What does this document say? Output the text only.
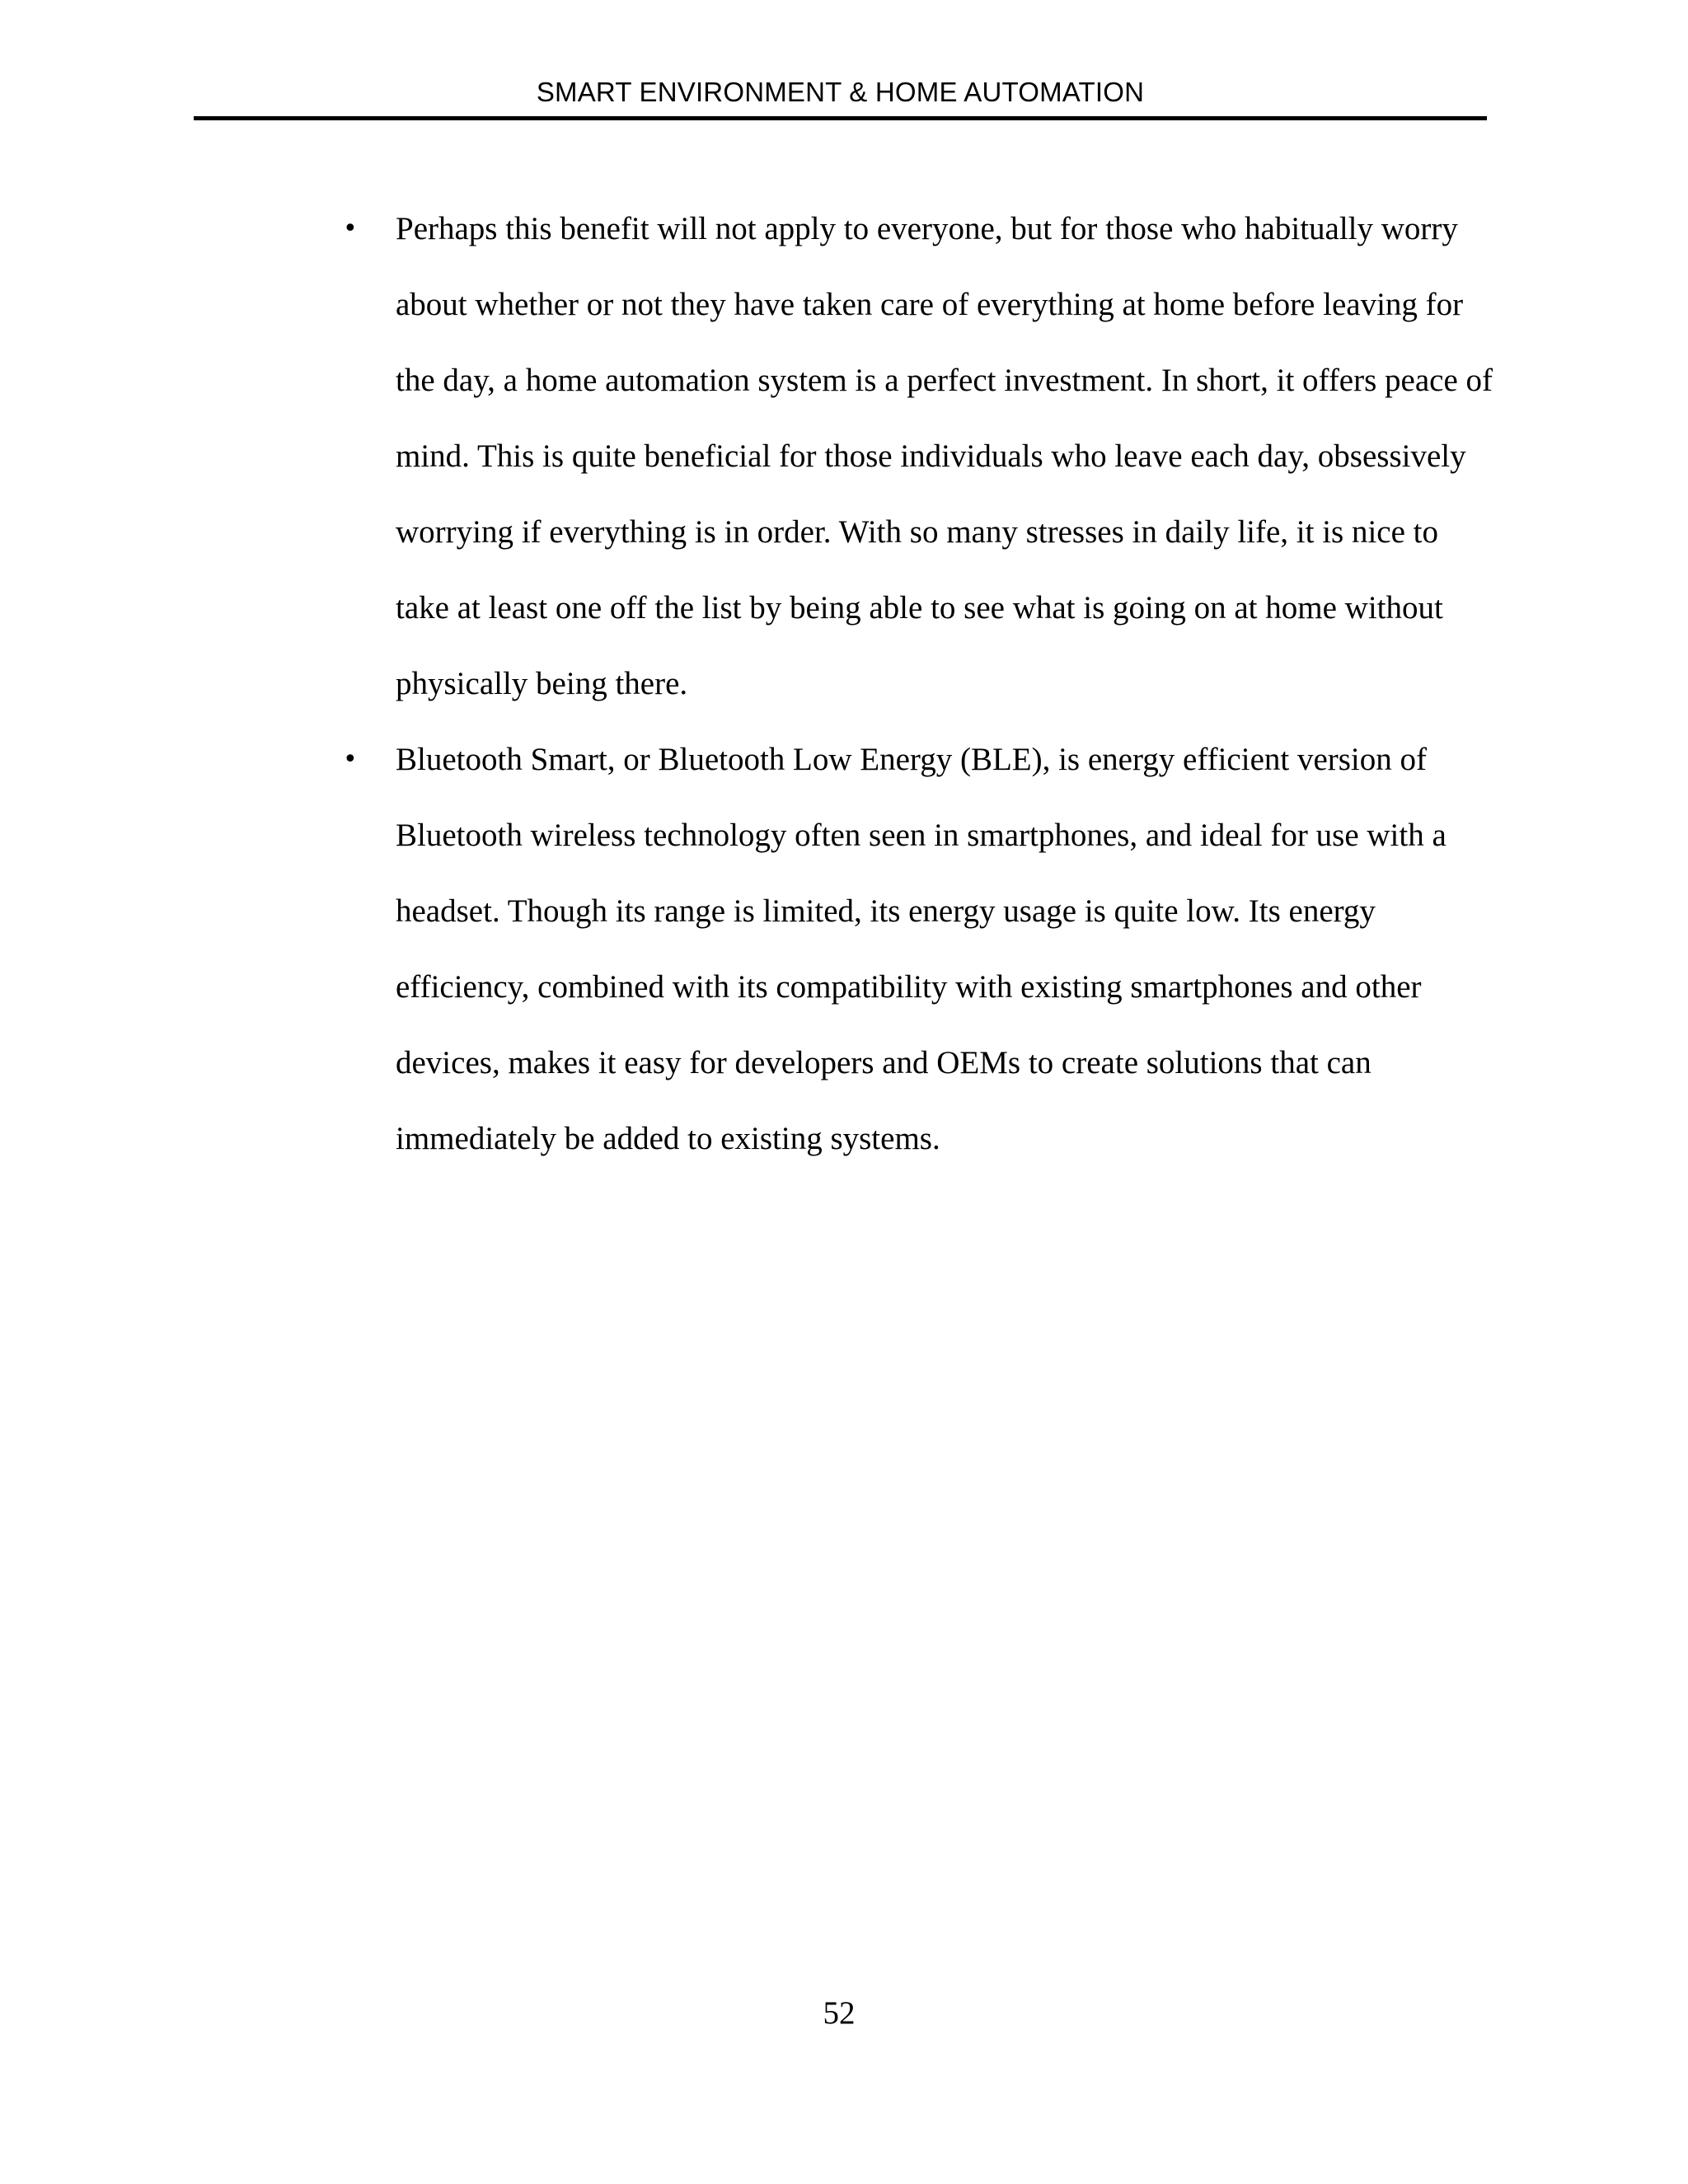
SMART ENVIRONMENT & HOME AUTOMATION
•	Perhaps this benefit will not apply to everyone, but for those who habitually worry about whether or not they have taken care of everything at home before leaving for the day, a home automation system is a perfect investment. In short, it offers peace of mind. This is quite beneficial for those individuals who leave each day, obsessively worrying if everything is in order. With so many stresses in daily life, it is nice to take at least one off the list by being able to see what is going on at home without physically being there.
•	Bluetooth Smart, or Bluetooth Low Energy (BLE), is energy efficient version of Bluetooth wireless technology often seen in smartphones, and ideal for use with a headset. Though its range is limited, its energy usage is quite low. Its energy efficiency, combined with its compatibility with existing smartphones and other devices, makes it easy for developers and OEMs to create solutions that can immediately be added to existing systems.
52
